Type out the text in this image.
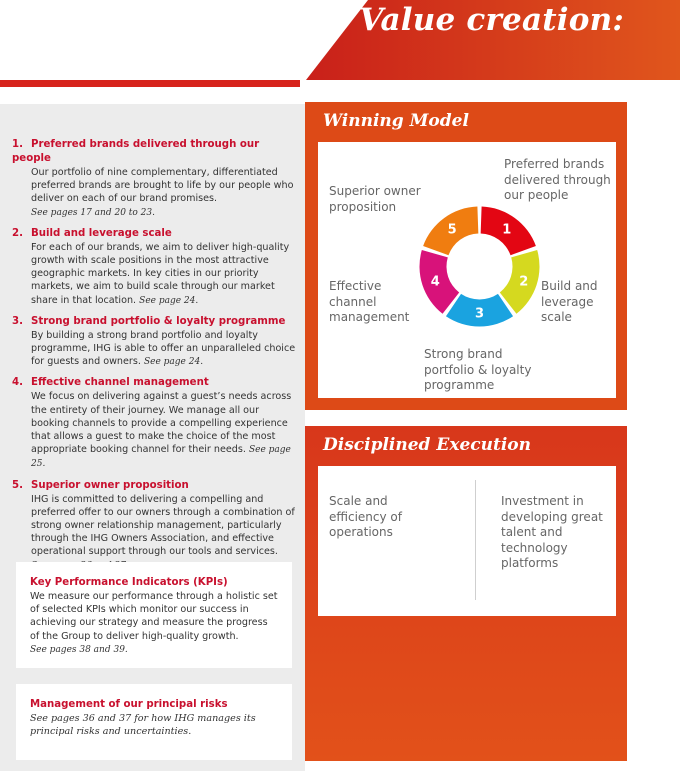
Value creation:
1. Preferred brands delivered through our people
Our portfolio of nine complementary, differentiated preferred brands are brought to life by our people who deliver on each of our brand promises.
See pages 17 and 20 to 23.
2. Build and leverage scale
For each of our brands, we aim to deliver high-quality growth with scale positions in the most attractive geographic markets. In key cities in our priority markets, we aim to build scale through our market share in that location. See page 24.
3. Strong brand portfolio & loyalty programme
By building a strong brand portfolio and loyalty programme, IHG is able to offer an unparalleled choice for guests and owners. See page 24.
4. Effective channel management
We focus on delivering against a guest’s needs across the entirety of their journey. We manage all our booking channels to provide a compelling experience that allows a guest to make the choice of the most appropriate booking channel for their needs. See page 25.
5. Superior owner proposition
IHG is committed to delivering a compelling and preferred offer to our owners through a combination of strong owner relationship management, particularly through the IHG Owners Association, and effective operational support through our tools and services.

Key Performance Indicators (KPIs)
We measure our performance through a holistic set of selected KPIs which monitor our success in achieving our strategy and measure the progress of the Group to deliver high-quality growth.
See pages 38 and 39.
Management of our principal risks
See pages 36 and 37 for how IHG manages its principal risks and uncertainties.
Winning Model
Preferred brands
delivered through
our people
Superior owner
proposition
Build and
leverage
scale
Effective
channel
management
Strong brand
portfolio & loyalty
programme
1
2
3
4
5
Disciplined Execution
Scale and
efficiency of
operations
Investment in
developing great
talent and technology
platforms
